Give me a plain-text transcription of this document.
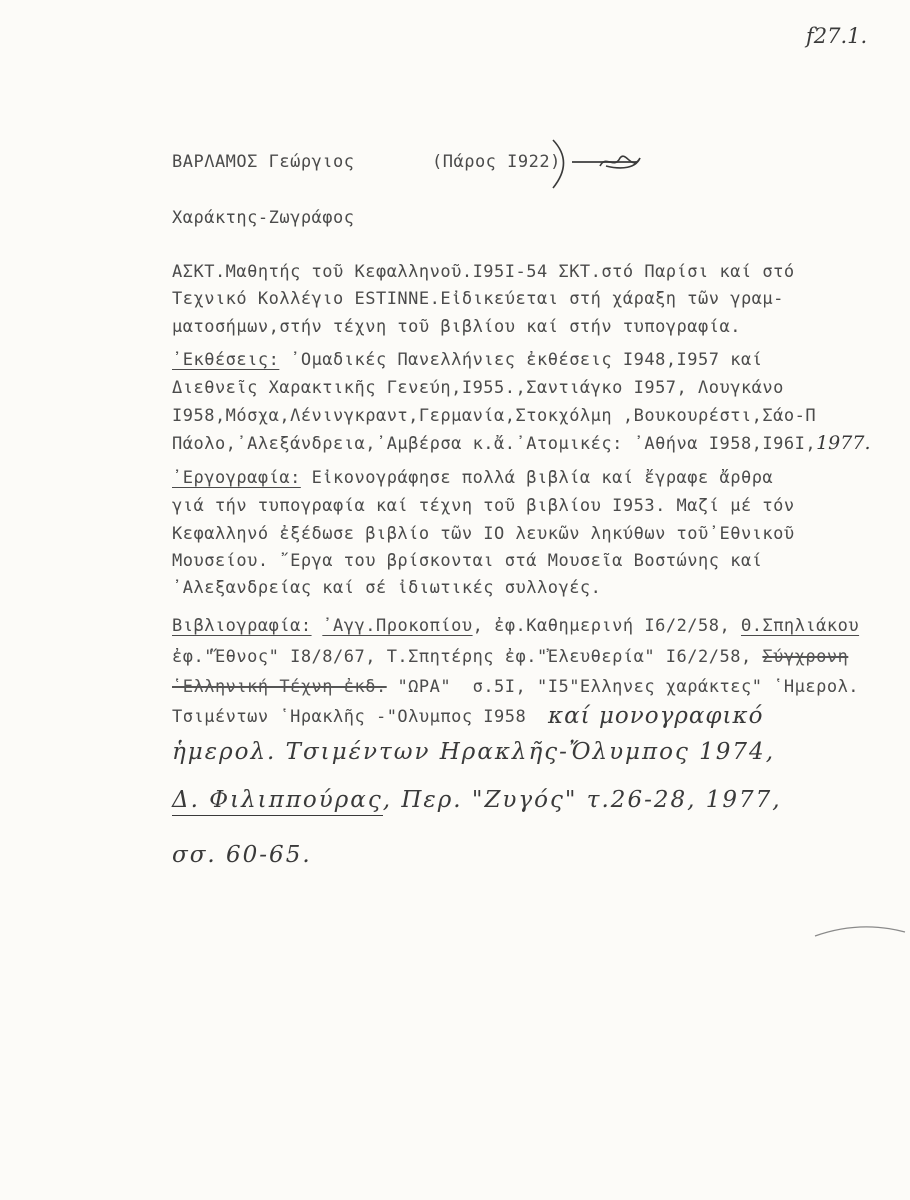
f27.1.
ΒΑΡΛΑΜΟΣ Γεώργιος	(Πάρος I922) ------
Χαράκτης-Ζωγράφος
ΑΣΚΤ.Μαθητής τοῦ Κεφαλληνοῦ.I95I-54 ΣΚΤ.στό Παρίσι καί στό
Τεχνικό Κολλέγιο ESTINNE.Εἰδικεύεται στή χάραξη τῶν γραμ-
ματοσήμων,στήν τέχνη τοῦ βιβλίου καί στήν τυπογραφία.
᾿Εκθέσεις: ᾿Ομαδικές Πανελλήνιες ἐκθέσεις I948,I957 καί
Διεθνεῖς Χαρακτικῆς Γενεύη,I955.,Σαντιάγκο I957, Λουγκάνο
I958,Μόσχα,Λένινγκραντ,Γερμανία,Στοκχόλμη ,Βουκουρέστι,Σάο-Π
Πάολο,᾿Αλεξάνδρεια,᾿Αμβέρσα κ.ἄ.᾿Ατομικές: ᾿Αθήνα I958,I96I,1977.
᾿Εργογραφία: Εἰκονογράφησε πολλά βιβλία καί ἔγραφε ἄρθρα
γιά τήν τυπογραφία καί τέχνη τοῦ βιβλίου I953. Μαζί μέ τόν
Κεφαλληνό ἐξέδωσε βιβλίο τῶν IO λευκῶν ληκύθων τοῦ᾿Εθνικοῦ
Μουσείου. ῎Εργα του βρίσκονται στά Μουσεῖα Βοστώνης καί
᾿Αλεξανδρείας καί σέ ἰδιωτικές συλλογές.
Βιβλιογραφία: ᾿Αγγ.Προκοπίου, ἐφ.Καθημερινή I6/2/58, Θ.Σπηλιάκου
ἐφ."Ἔθνος" I8/8/67, Τ.Σπητέρης ἐφ."Ἐλευθερία" I6/2/58, Σύγχρονη
῾Ελληνική Τέχνη ἐκδ. "ΩΡΑ"  σ.5I, "I5"Ελληνες χαράκτες" ῾Ημερολ.
Τσιμέντων ῾Ηρακλῆς -"Ολυμπος I958 καί μονογραφικό
ἡμερολ. Τσιμέντων Ηρακλῆς-Ὄλυμπος 1974,
Δ. Φιλιππούρας, Περ. "Ζυγός" τ.26-28, 1977,
σσ. 60-65.
